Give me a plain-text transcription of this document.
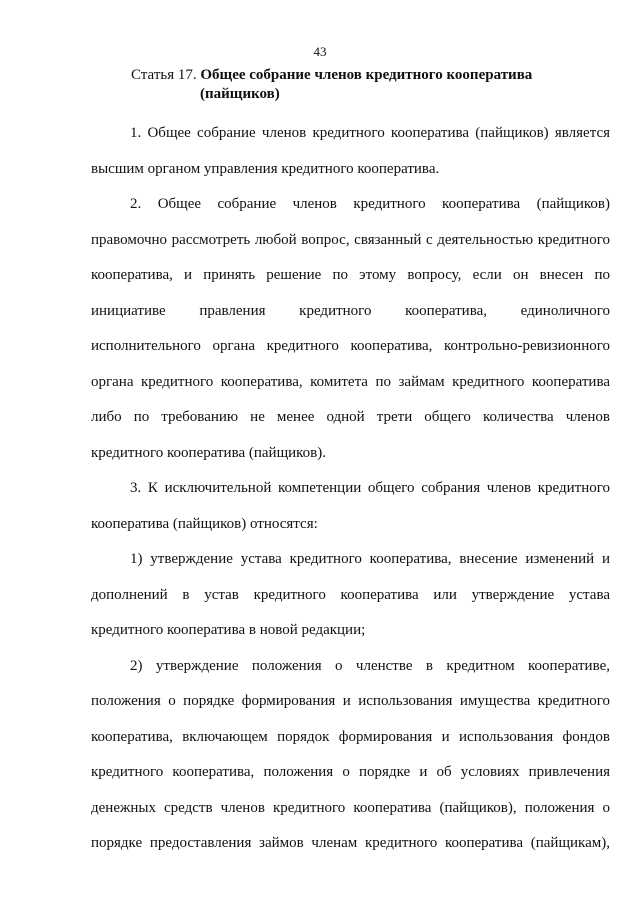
43
Статья 17. Общее собрание членов кредитного кооператива
(пайщиков)
1. Общее собрание членов кредитного кооператива (пайщиков) является
высшим органом управления кредитного кооператива.
2. Общее собрание членов кредитного кооператива (пайщиков)
правомочно рассмотреть любой вопрос, связанный с деятельностью кредитного
кооператива, и принять решение по этому вопросу, если он внесен по
инициативе правления кредитного кооператива, единоличного
исполнительного органа кредитного кооператива, контрольно-ревизионного
органа кредитного кооператива, комитета по займам кредитного кооператива
либо по требованию не менее одной трети общего количества членов
кредитного кооператива (пайщиков).
3. К исключительной компетенции общего собрания членов кредитного
кооператива (пайщиков) относятся:
1) утверждение устава кредитного кооператива, внесение изменений и
дополнений в устав кредитного кооператива или утверждение устава
кредитного кооператива в новой редакции;
2) утверждение положения о членстве в кредитном кооперативе,
положения о порядке формирования и использования имущества кредитного
кооператива, включающем порядок формирования и использования фондов
кредитного кооператива, положения о порядке и об условиях привлечения
денежных средств членов кредитного кооператива (пайщиков), положения о
порядке предоставления займов членам кредитного кооператива (пайщикам),
